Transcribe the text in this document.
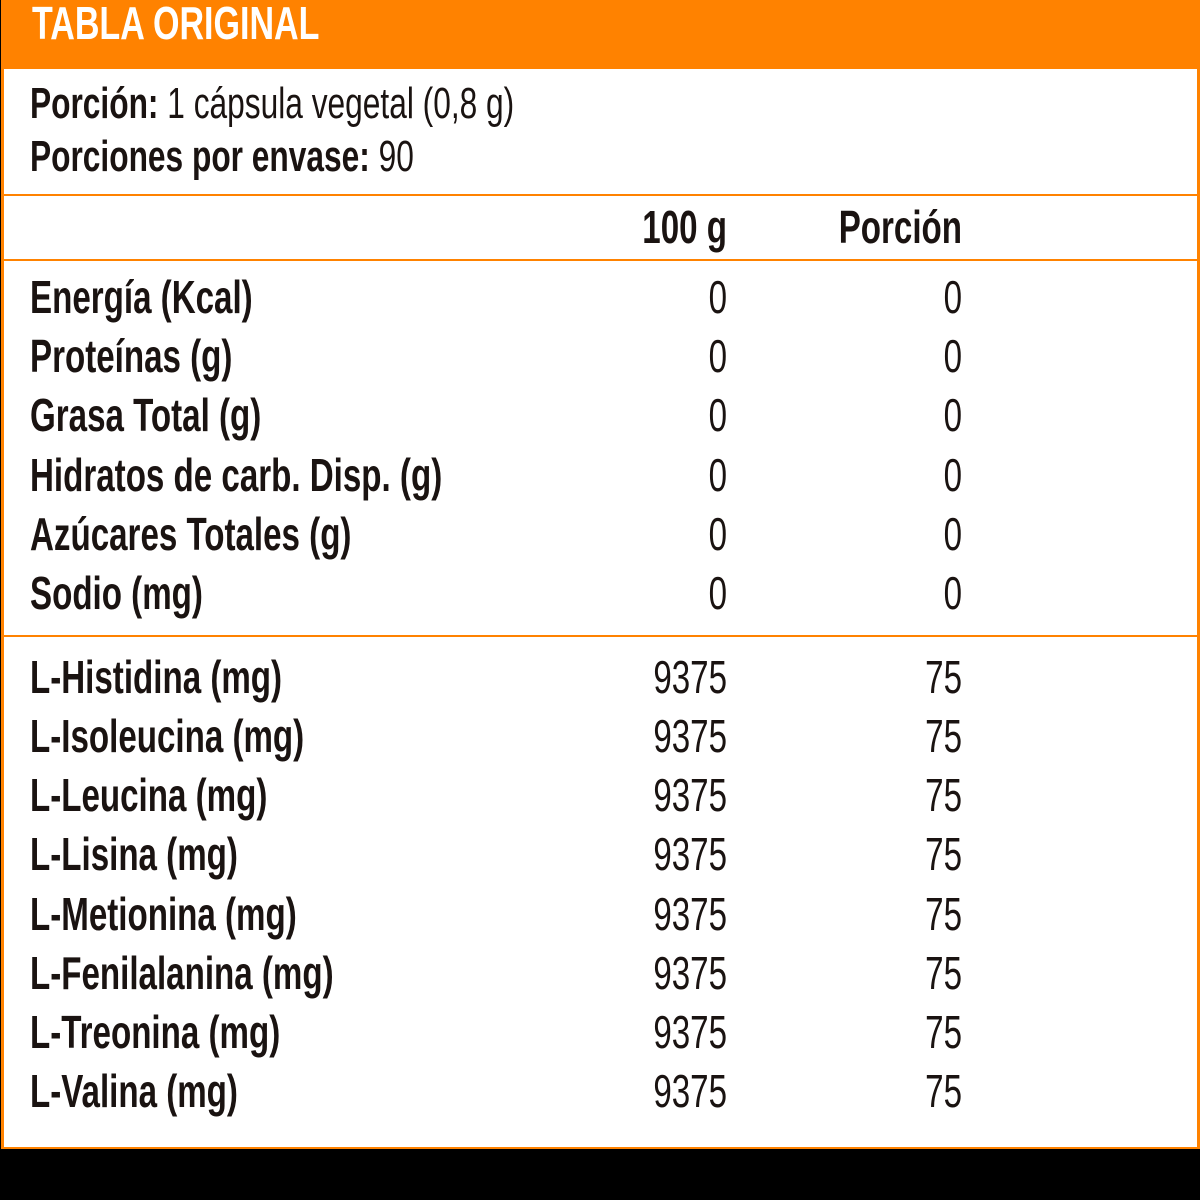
TABLA ORIGINAL
Porción: 1 cápsula vegetal (0,8 g)
Porciones por envase: 90
100 g	Porción
Energía (Kcal)	0	0
Proteínas (g)	0	0
Grasa Total (g)	0	0
Hidratos de carb. Disp. (g)	0	0
Azúcares Totales (g)	0	0
Sodio (mg)	0	0
L-Histidina (mg)	9375	75
L-Isoleucina (mg)	9375	75
L-Leucina (mg)	9375	75
L-Lisina (mg)	9375	75
L-Metionina (mg)	9375	75
L-Fenilalanina (mg)	9375	75
L-Treonina (mg)	9375	75
L-Valina (mg)	9375	75
